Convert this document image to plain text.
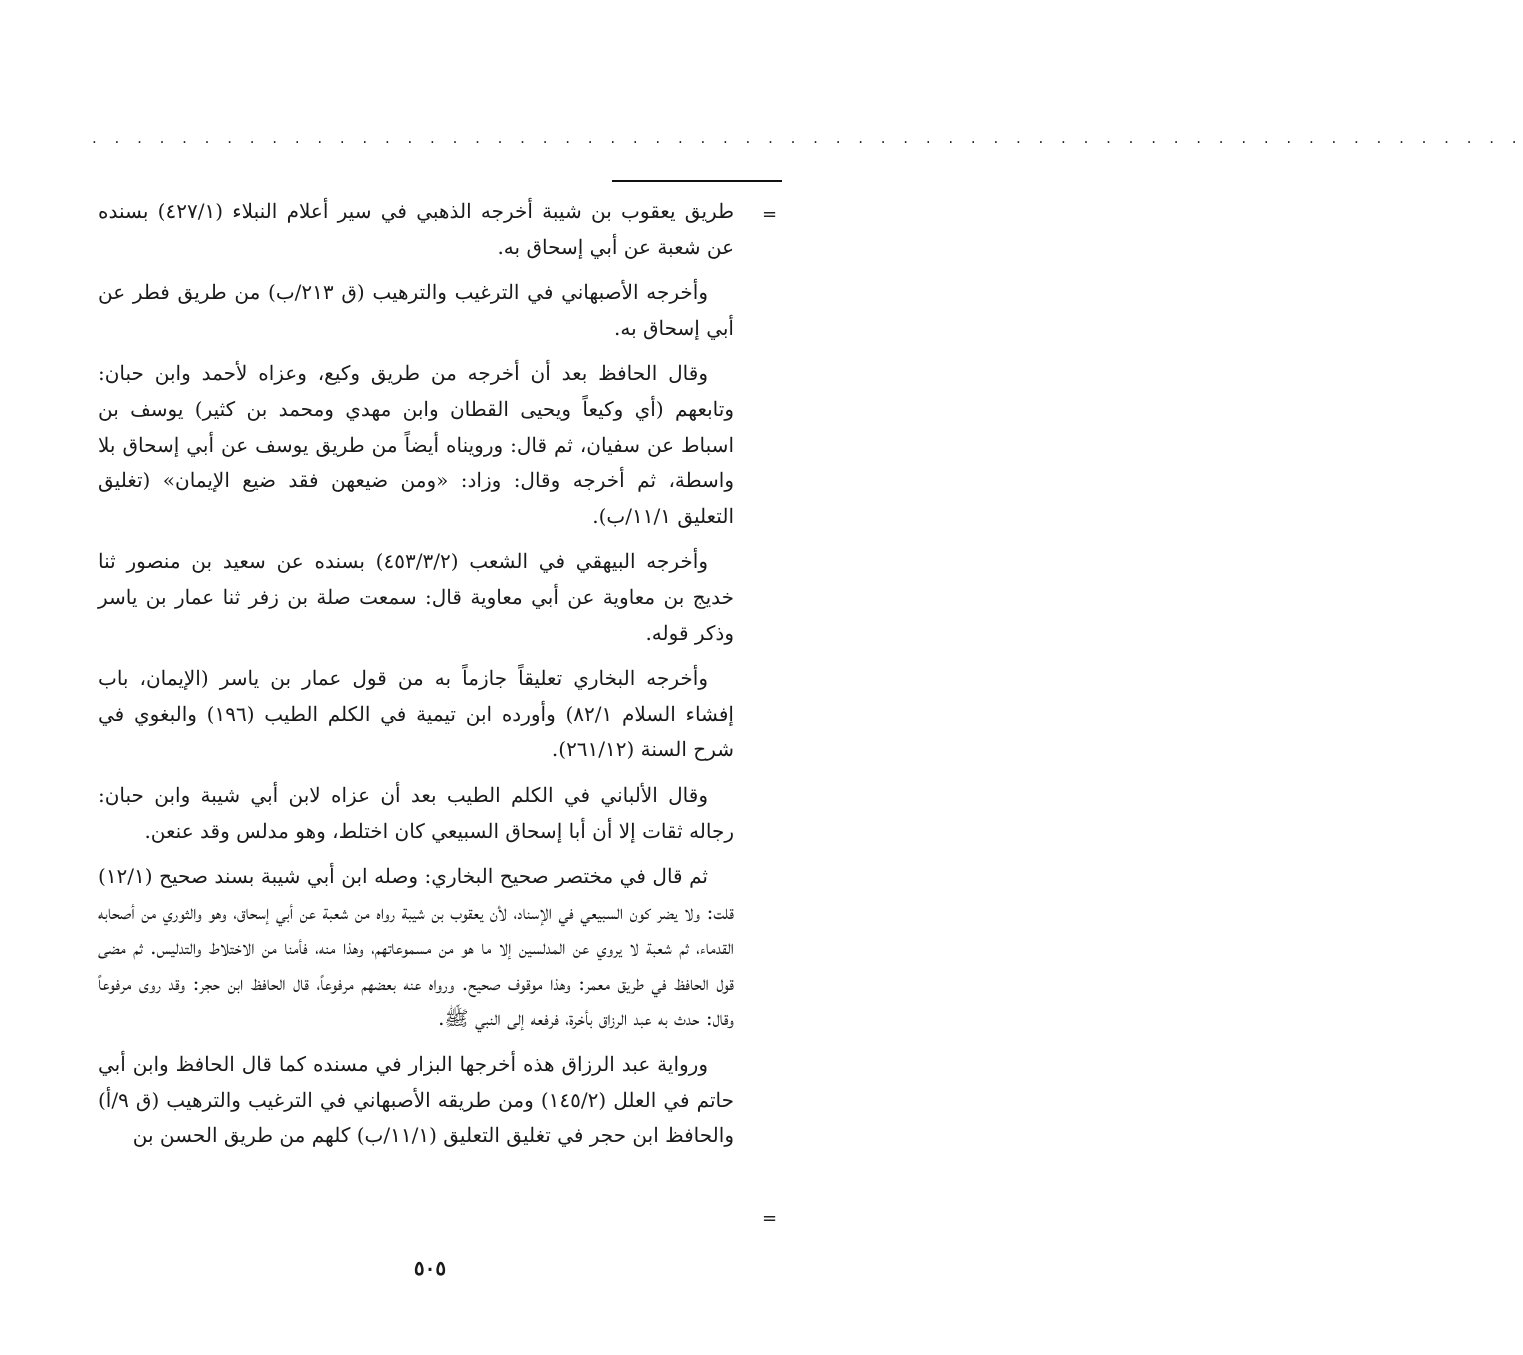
. . . . . . . . . . . . . . . . . . . . . . . . . . . . . . . . . . . . . . . . . . . . . . . . . . . . . . . . . . . . . . . .
=

طريق يعقوب بن شيبة أخرجه الذهبي في سير أعلام النبلاء (٤٢٧/١) بسنده عن شعبة عن أبي إسحاق به.

وأخرجه الأصبهاني في الترغيب والترهيب (ق ٢١٣/ب) من طريق فطر عن أبي إسحاق به.

وقال الحافظ بعد أن أخرجه من طريق وكيع، وعزاه لأحمد وابن حبان: وتابعهم (أي وكيعاً ويحيى القطان وابن مهدي ومحمد بن كثير) يوسف بن اسباط عن سفيان، ثم قال: ورويناه أيضاً من طريق يوسف عن أبي إسحاق بلا واسطة، ثم أخرجه وقال: وزاد: «ومن ضيعهن فقد ضيع الإيمان» (تغليق التعليق ١١/١/ب).

وأخرجه البيهقي في الشعب (٤٥٣/٣/٢) بسنده عن سعيد بن منصور ثنا خديج بن معاوية عن أبي معاوية قال: سمعت صلة بن زفر ثنا عمار بن ياسر وذكر قوله.

وأخرجه البخاري تعليقاً جازماً به من قول عمار بن ياسر (الإيمان، باب إفشاء السلام ٨٢/١) وأورده ابن تيمية في الكلم الطيب (١٩٦) والبغوي في شرح السنة (٢٦١/١٢).

وقال الألباني في الكلم الطيب بعد أن عزاه لابن أبي شيبة وابن حبان: رجاله ثقات إلا أن أبا إسحاق السبيعي كان اختلط، وهو مدلس وقد عنعن.

ثم قال في مختصر صحيح البخاري: وصله ابن أبي شيبة بسند صحيح (١٢/١) قلت: ولا يضر كون السبيعي في الإسناد، لأن يعقوب بن شيبة رواه من شعبة عن أبي إسحاق، وهو والثوري من أصحابه القدماء، ثم شعبة لا يروي عن المدلسين إلا ما هو من مسموعاتهم، وهذا منه، فأمنا من الاختلاط والتدليس. ثم مضى قول الحافظ في طريق معمر: وهذا موقوف صحيح. ورواه عنه بعضهم مرفوعاً، قال الحافظ ابن حجر: وقد روى مرفوعاً وقال: حدث به عبد الرزاق بأخرة، فرفعه إلى النبي ﷺ.

ورواية عبد الرزاق هذه أخرجها البزار في مسنده كما قال الحافظ وابن أبي حاتم في العلل (١٤٥/٢) ومن طريقه الأصبهاني في الترغيب والترهيب (ق ٩/أ) والحافظ ابن حجر في تغليق التعليق (١١/١/ب) كلهم من طريق الحسن بن

=
٥٠٥
